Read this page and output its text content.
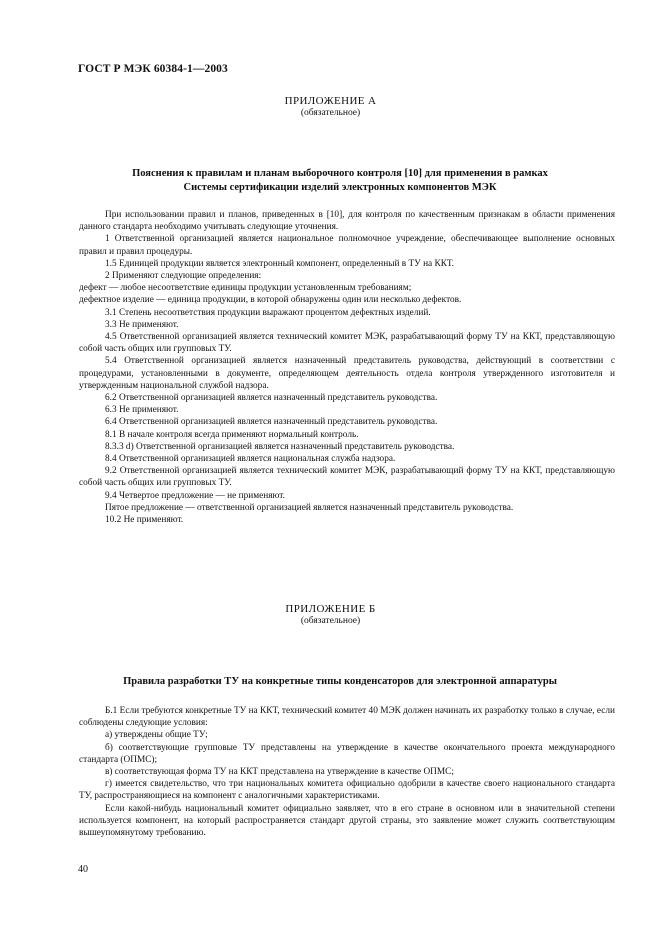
ГОСТ Р МЭК 60384-1—2003
ПРИЛОЖЕНИЕ А
(обязательное)
Пояснения к правилам и планам выборочного контроля [10] для применения в рамках
Системы сертификации изделий электронных компонентов МЭК

При использовании правил и планов, приведенных в [10], для контроля по качественным признакам в области применения данного стандарта необходимо учитывать следующие уточнения.

1 Ответственной организацией является национальное полномочное учреждение, обеспечивающее выполнение основных правил и правил процедуры.

1.5 Единицей продукции является электронный компонент, определенный в ТУ на ККТ.

2 Применяют следующие определения:

дефект — любое несоответствие единицы продукции установленным требованиям;

дефектное изделие — единица продукции, в которой обнаружены один или несколько дефектов.

3.1 Степень несоответствия продукции выражают процентом дефектных изделий.

3.3 Не применяют.

4.5 Ответственной организацией является технический комитет МЭК, разрабатывающий форму ТУ на ККТ, представляющую собой часть общих или групповых ТУ.

5.4 Ответственной организацией является назначенный представитель руководства, действующий в соответствии с процедурами, установленными в документе, определяющем деятельность отдела контроля утвержденного изготовителя и утвержденным национальной службой надзора.

6.2 Ответственной организацией является назначенный представитель руководства.

6.3 Не применяют.

6.4 Ответственной организацией является назначенный представитель руководства.

8.1 В начале контроля всегда применяют нормальный контроль.

8.3.3 d) Ответственной организацией является назначенный представитель руководства.

8.4 Ответственной организацией является национальная служба надзора.

9.2 Ответственной организацией является технический комитет МЭК, разрабатывающий форму ТУ на ККТ, представляющую собой часть общих или групповых ТУ.

9.4 Четвертое предложение — не применяют.

Пятое предложение — ответственной организацией является назначенный представитель руководства.

10.2 Не применяют.

ПРИЛОЖЕНИЕ Б
(обязательное)
Правила разработки ТУ на конкретные типы конденсаторов для электронной аппаратуры

Б.1 Если требуются конкретные ТУ на ККТ, технический комитет 40 МЭК должен начинать их разработку только в случае, если соблюдены следующие условия:

а) утверждены общие ТУ;

б) соответствующие групповые ТУ представлены на утверждение в качестве окончательного проекта международного стандарта (ОПМС);

в) соответствующая форма ТУ на ККТ представлена на утверждение в качестве ОПМС;

г) имеется свидетельство, что три национальных комитета официально одобрили в качестве своего национального стандарта ТУ, распространяющиеся на компонент с аналогичными характеристиками.

Если какой-нибудь национальный комитет официально заявляет, что в его стране в основном или в значительной степени используется компонент, на который распространяется стандарт другой страны, это заявление может служить соответствующим вышеупомянутому требованию.

40
